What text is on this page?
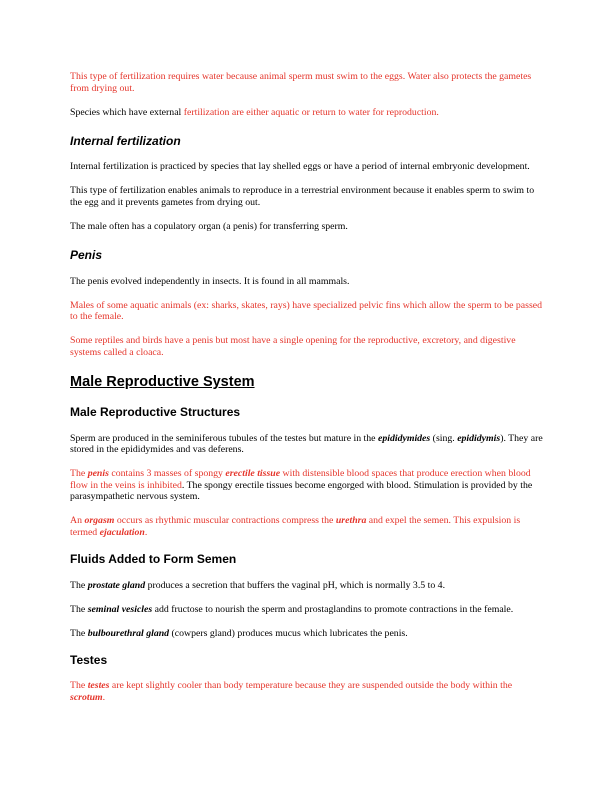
This type of fertilization requires water because animal sperm must swim to the eggs. Water also protects the gametes from drying out.

Species which have external fertilization are either aquatic or return to water for reproduction.

Internal fertilization

Internal fertilization is practiced by species that lay shelled eggs or have a period of internal embryonic development.

This type of fertilization enables animals to reproduce in a terrestrial environment because it enables sperm to swim to the egg and it prevents gametes from drying out.

The male often has a copulatory organ (a penis) for transferring sperm.

Penis

The penis evolved independently in insects. It is found in all mammals.

Males of some aquatic animals (ex: sharks, skates, rays) have specialized pelvic fins which allow the sperm to be passed to the female.

Some reptiles and birds have a penis but most have a single opening for the reproductive, excretory, and digestive systems called a cloaca.

Male Reproductive System
Male Reproductive Structures

Sperm are produced in the seminiferous tubules of the testes but mature in the epididymides (sing. epididymis). They are stored in the epididymides and vas deferens.

The penis contains 3 masses of spongy erectile tissue with distensible blood spaces that produce erection when blood flow in the veins is inhibited. The spongy erectile tissues become engorged with blood. Stimulation is provided by the parasympathetic nervous system.

An orgasm occurs as rhythmic muscular contractions compress the urethra and expel the semen. This expulsion is termed ejaculation.

Fluids Added to Form Semen

The prostate gland produces a secretion that buffers the vaginal pH, which is normally 3.5 to 4.

The seminal vesicles add fructose to nourish the sperm and prostaglandins to promote contractions in the female.

The bulbourethral gland (cowpers gland) produces mucus which lubricates the penis.

Testes

The testes are kept slightly cooler than body temperature because they are suspended outside the body within the scrotum.
